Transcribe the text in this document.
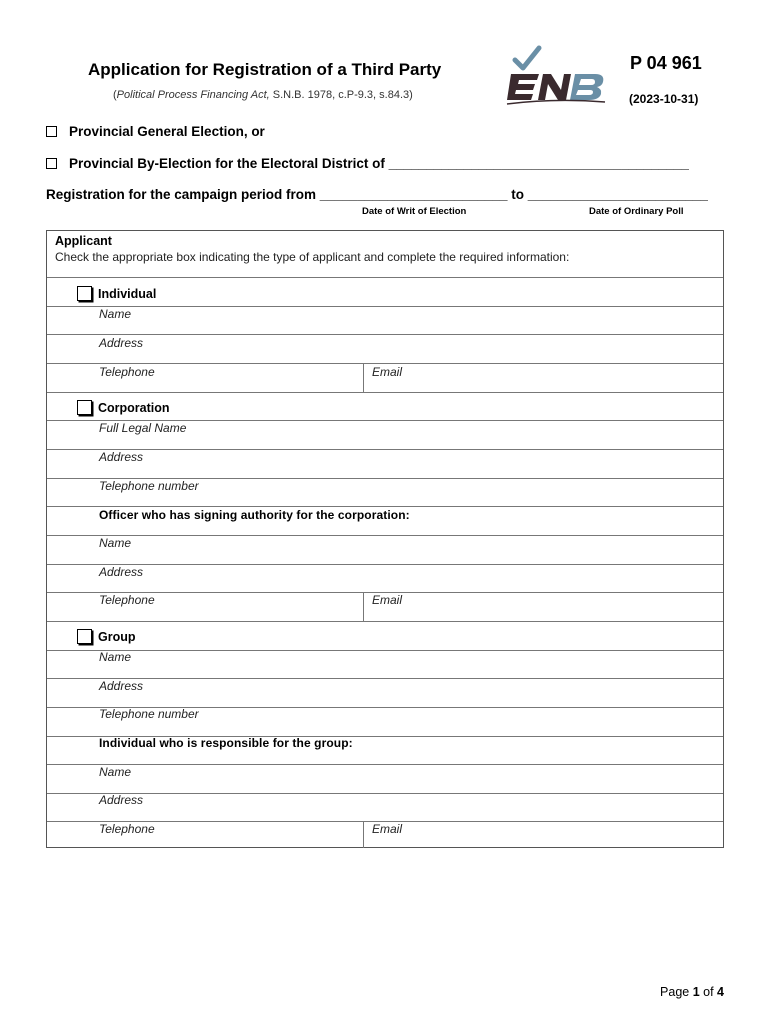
Application for Registration of a Third Party
(Political Process Financing Act, S.N.B. 1978, c.P-9.3, s.84.3)
P 04 961
(2023-10-31)
Provincial General Election, or
Provincial By-Election for the Electoral District of ________________________________________
Registration for the campaign period from _________________________ to ________________________
Date of Writ of Election	Date of Ordinary Poll
Applicant
Check the appropriate box indicating the type of applicant and complete the required information:
Individual
Name
Address
Telephone	Email
Corporation
Full Legal Name
Address
Telephone number
Officer who has signing authority for the corporation:
Name
Address
Telephone	Email
Group
Name
Address
Telephone number
Individual who is responsible for the group:
Name
Address
Telephone	Email
Page 1 of 4
